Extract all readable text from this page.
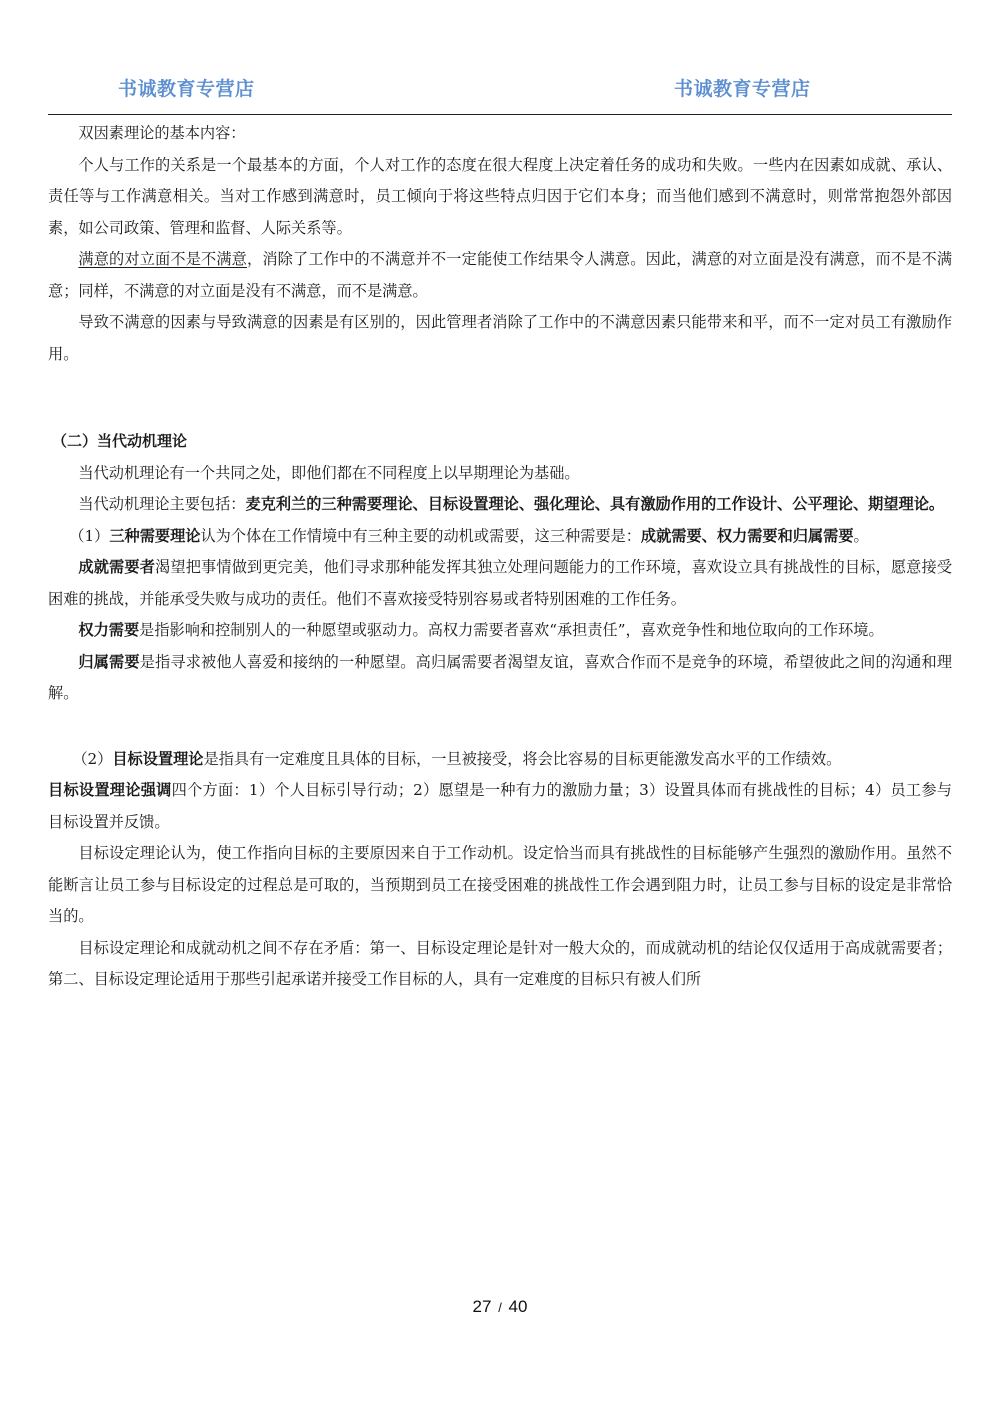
书诚教育专营店	书诚教育专营店

双因素理论的基本内容：

个人与工作的关系是一个最基本的方面，个人对工作的态度在很大程度上决定着任务的成功和失败。一些内在因素如成就、承认、责任等与工作满意相关。当对工作感到满意时，员工倾向于将这些特点归因于它们本身；而当他们感到不满意时，则常常抱怨外部因素，如公司政策、管理和监督、人际关系等。

满意的对立面不是不满意，消除了工作中的不满意并不一定能使工作结果令人满意。因此，满意的对立面是没有满意，而不是不满意；同样，不满意的对立面是没有不满意，而不是满意。

导致不满意的因素与导致满意的因素是有区别的，因此管理者消除了工作中的不满意因素只能带来和平，而不一定对员工有激励作用。

（二）当代动机理论

当代动机理论有一个共同之处，即他们都在不同程度上以早期理论为基础。

当代动机理论主要包括：麦克利兰的三种需要理论、目标设置理论、强化理论、具有激励作用的工作设计、公平理论、期望理论。

（1）三种需要理论认为个体在工作情境中有三种主要的动机或需要，这三种需要是：成就需要、权力需要和归属需要。

成就需要者渴望把事情做到更完美，他们寻求那种能发挥其独立处理问题能力的工作环境，喜欢设立具有挑战性的目标，愿意接受困难的挑战，并能承受失败与成功的责任。他们不喜欢接受特别容易或者特别困难的工作任务。

权力需要是指影响和控制别人的一种愿望或驱动力。高权力需要者喜欢“承担责任”，喜欢竞争性和地位取向的工作环境。

归属需要是指寻求被他人喜爱和接纳的一种愿望。高归属需要者渴望友谊，喜欢合作而不是竞争的环境，希望彼此之间的沟通和理解。

（2）目标设置理论是指具有一定难度且具体的目标，一旦被接受，将会比容易的目标更能激发高水平的工作绩效。

目标设置理论强调四个方面：1）个人目标引导行动；2）愿望是一种有力的激励力量；3）设置具体而有挑战性的目标；4）员工参与目标设置并反馈。

目标设定理论认为，使工作指向目标的主要原因来自于工作动机。设定恰当而具有挑战性的目标能够产生强烈的激励作用。虽然不能断言让员工参与目标设定的过程总是可取的，当预期到员工在接受困难的挑战性工作会遇到阻力时，让员工参与目标的设定是非常恰当的。

目标设定理论和成就动机之间不存在矛盾：第一、目标设定理论是针对一般大众的，而成就动机的结论仅仅适用于高成就需要者；第二、目标设定理论适用于那些引起承诺并接受工作目标的人，具有一定难度的目标只有被人们所

27 / 40
